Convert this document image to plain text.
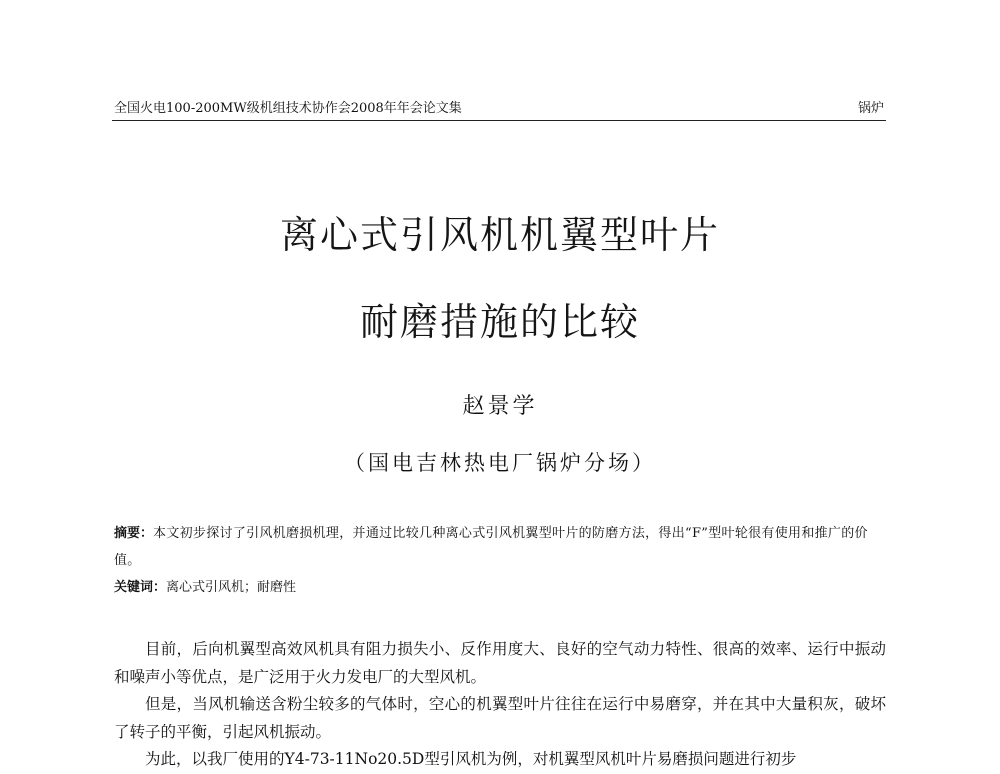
全国火电100-200MW级机组技术协作会2008年年会论文集	锅炉
离心式引风机机翼型叶片
耐磨措施的比较
赵景学
（国电吉林热电厂锅炉分场）
摘要：本文初步探讨了引风机磨损机理，并通过比较几种离心式引风机翼型叶片的防磨方法，得出“F”型叶轮很有使用和推广的价值。
关键词：离心式引风机；耐磨性

目前，后向机翼型高效风机具有阻力损失小、反作用度大、良好的空气动力特性、很高的效率、运行中振动和噪声小等优点，是广泛用于火力发电厂的大型风机。

但是，当风机输送含粉尘较多的气体时，空心的机翼型叶片往往在运行中易磨穿，并在其中大量积灰，破坏了转子的平衡，引起风机振动。

为此，以我厂使用的Y4-73-11No20.5D型引风机为例，对机翼型风机叶片易磨损问题进行初步
